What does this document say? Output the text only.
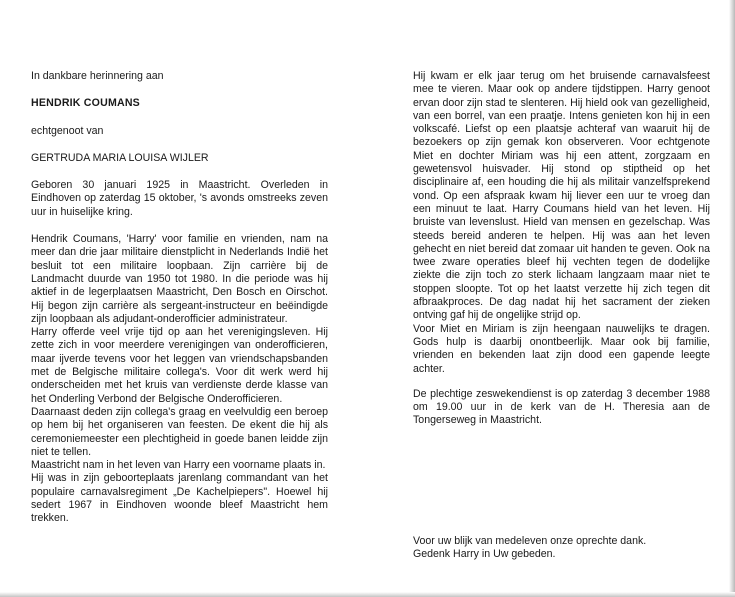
In dankbare herinnering aan

HENDRIK COUMANS

echtgenoot van

GERTRUDA MARIA LOUISA WIJLER

Geboren 30 januari 1925 in Maastricht. Overleden in Eindhoven op zaterdag 15 oktober, 's avonds omstreeks zeven uur in huiselijke kring.

Hendrik Coumans, 'Harry' voor familie en vrienden, nam na meer dan drie jaar militaire dienstplicht in Nederlands Indië het besluit tot een militaire loopbaan. Zijn carrière bij de Landmacht duurde van 1950 tot 1980. In die periode was hij aktief in de legerplaatsen Maastricht, Den Bosch en Oirschot. Hij begon zijn carrière als sergeant-instructeur en beëindigde zijn loopbaan als adjudant-onderofficier administrateur.

Harry offerde veel vrije tijd op aan het verenigingsleven. Hij zette zich in voor meerdere verenigingen van onderofficieren, maar ijverde tevens voor het leggen van vriendschapsbanden met de Belgische militaire collega's. Voor dit werk werd hij onderscheiden met het kruis van verdienste derde klasse van het Onderling Verbond der Belgische Onderofficieren.

Daarnaast deden zijn collega's graag en veelvuldig een beroep op hem bij het organiseren van feesten. De ekent die hij als ceremoniemeester een plechtigheid in goede banen leidde zijn niet te tellen.

Maastricht nam in het leven van Harry een voorname plaats in.

Hij was in zijn geboorteplaats jarenlang commandant van het populaire carnavalsregiment „De Kachelpiepers". Hoewel hij sedert 1967 in Eindhoven woonde bleef Maastricht hem trekken.

Hij kwam er elk jaar terug om het bruisende carnavalsfeest mee te vieren. Maar ook op andere tijdstippen. Harry genoot ervan door zijn stad te slenteren. Hij hield ook van gezelligheid, van een borrel, van een praatje. Intens genieten kon hij in een volkscafé. Liefst op een plaatsje achteraf van waaruit hij de bezoekers op zijn gemak kon observeren. Voor echtgenote Miet en dochter Miriam was hij een attent, zorgzaam en gewetensvol huisvader. Hij stond op stiptheid op het disciplinaire af, een houding die hij als militair vanzelfsprekend vond. Op een afspraak kwam hij liever een uur te vroeg dan een minuut te laat. Harry Coumans hield van het leven. Hij bruiste van levenslust. Hield van mensen en gezelschap. Was steeds bereid anderen te helpen. Hij was aan het leven gehecht en niet bereid dat zomaar uit handen te geven. Ook na twee zware operaties bleef hij vechten tegen de dodelijke ziekte die zijn toch zo sterk lichaam langzaam maar niet te stoppen sloopte. Tot op het laatst verzette hij zich tegen dit afbraakproces. De dag nadat hij het sacrament der zieken ontving gaf hij de ongelijke strijd op.

Voor Miet en Miriam is zijn heengaan nauwelijks te dragen. Gods hulp is daarbij onontbeerlijk. Maar ook bij familie, vrienden en bekenden laat zijn dood een gapende leegte achter.

De plechtige zeswekendienst is op zaterdag 3 december 1988 om 19.00 uur in de kerk van de H. Theresia aan de Tongerseweg in Maastricht.

Voor uw blijk van medeleven onze oprechte dank.

Gedenk Harry in Uw gebeden.
